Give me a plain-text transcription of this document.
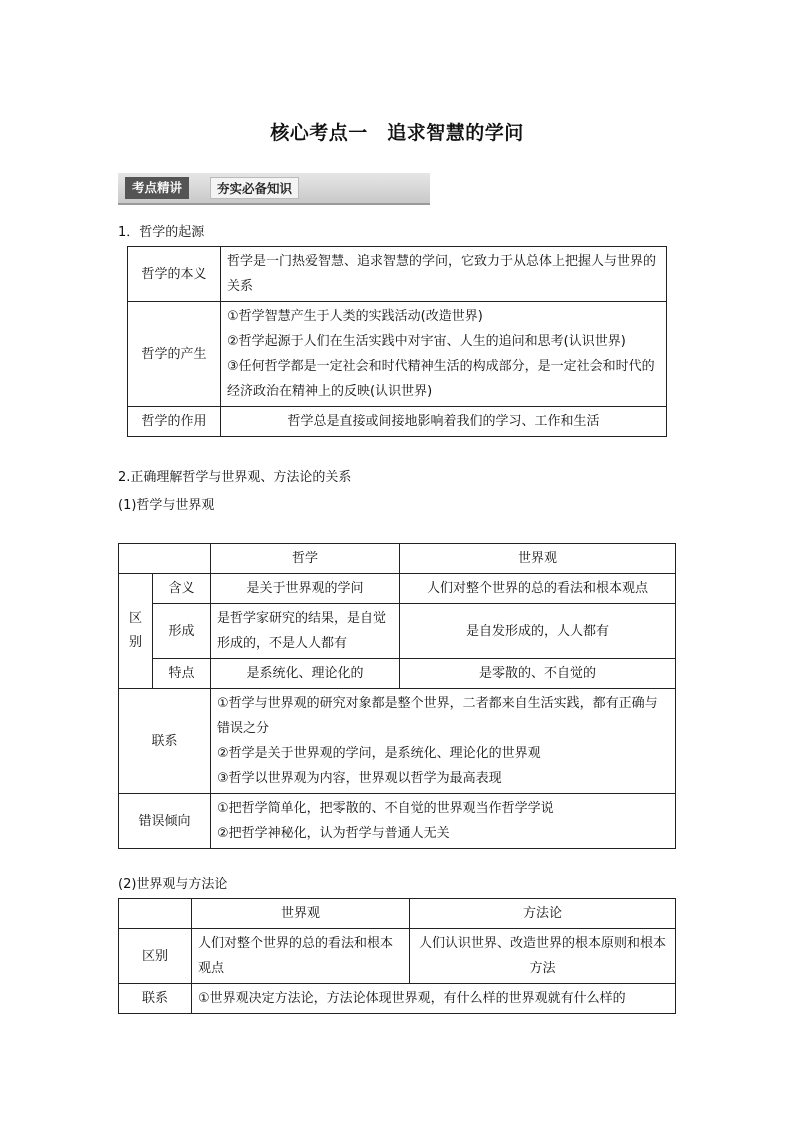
核心考点一　追求智慧的学问
考点精讲	夯实必备知识
1．哲学的起源
哲学的本义	哲学是一门热爱智慧、追求智慧的学问，它致力于从总体上把握人与世界的关系
哲学的产生	①哲学智慧产生于人类的实践活动(改造世界)
②哲学起源于人们在生活实践中对宇宙、人生的追问和思考(认识世界)
③任何哲学都是一定社会和时代精神生活的构成部分，是一定社会和时代的经济政治在精神上的反映(认识世界)

哲学的作用	哲学总是直接或间接地影响着我们的学习、工作和生活
2.正确理解哲学与世界观、方法论的关系
(1)哲学与世界观
		哲学	世界观
区别	含义	是关于世界观的学问	人们对整个世界的总的看法和根本观点
	形成	是哲学家研究的结果，是自觉形成的，不是人人都有	是自发形成的，人人都有
	特点	是系统化、理论化的	是零散的、不自觉的
联系		①哲学与世界观的研究对象都是整个世界，二者都来自生活实践，都有正确与错误之分
②哲学是关于世界观的学问，是系统化、理论化的世界观
③哲学以世界观为内容，世界观以哲学为最高表现	

错误倾向		①把哲学简单化，把零散的、不自觉的世界观当作哲学学说
②把哲学神秘化，认为哲学与普通人无关	
(2)世界观与方法论
	世界观	方法论
区别	人们对整个世界的总的看法和根本观点	人们认识世界、改造世界的根本原则和根本方法
联系	①世界观决定方法论，方法论体现世界观，有什么样的世界观就有什么样的	
